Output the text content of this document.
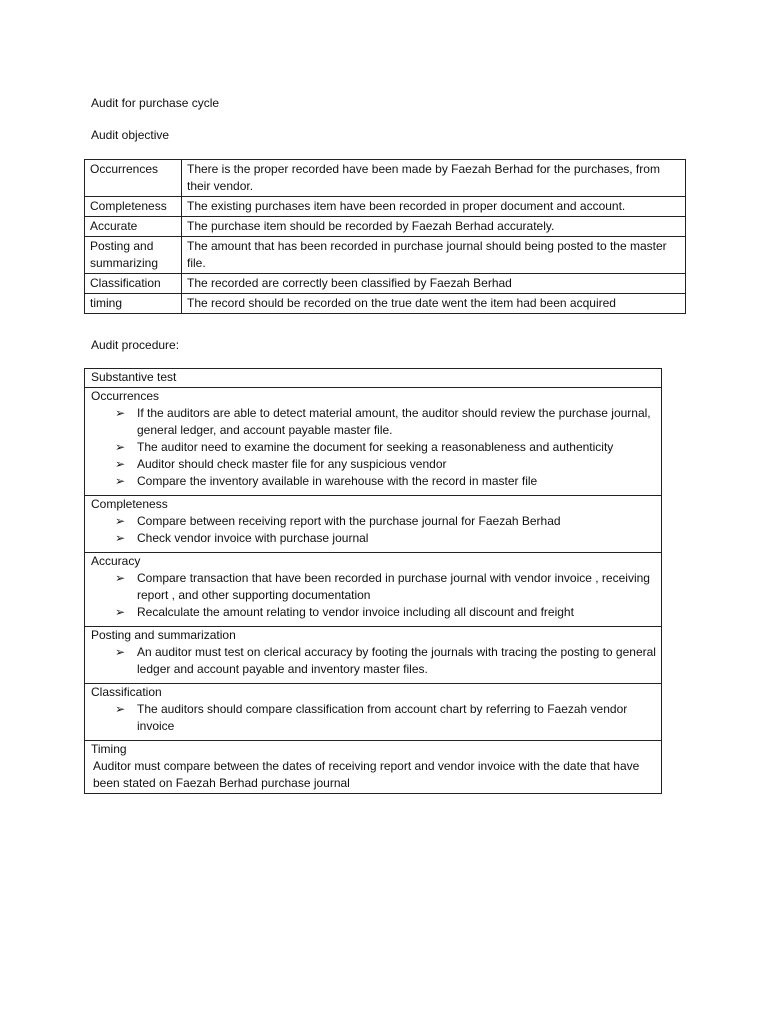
Audit for purchase cycle
Audit objective
Occurrences	There is the proper recorded have been made by Faezah Berhad for the purchases, from their vendor.
Completeness	The existing purchases item have been recorded in proper document and account.
Accurate	The purchase item should be recorded by Faezah Berhad accurately.
Posting and summarizing	The amount that has been recorded in purchase journal should being posted to the master file.
Classification	The recorded are correctly been classified by Faezah Berhad
timing	The record should be recorded on the true date went the item had been acquired
Audit procedure:
Substantive test

Occurrences
➢ If the auditors are able to detect material amount, the auditor should review the purchase journal, general ledger, and account payable master file.
➢ The auditor need to examine the document for seeking a reasonableness and authenticity
➢ Auditor should check master file for any suspicious vendor
➢ Compare the inventory available in warehouse with the record in master file

Completeness
➢ Compare between receiving report with the purchase journal for Faezah Berhad
➢ Check vendor invoice with purchase journal

Accuracy
➢ Compare transaction that have been recorded in purchase journal with vendor invoice , receiving report , and other supporting documentation
➢ Recalculate the amount relating to vendor invoice including all discount and freight

Posting and summarization
➢ An auditor must test on clerical accuracy by footing the journals with tracing the posting to general ledger and account payable and inventory master files.

Classification
➢ The auditors should compare classification from account chart by referring to Faezah vendor invoice

Timing
Auditor must compare between the dates of receiving report and vendor invoice with the date that have been stated on Faezah Berhad purchase journal
